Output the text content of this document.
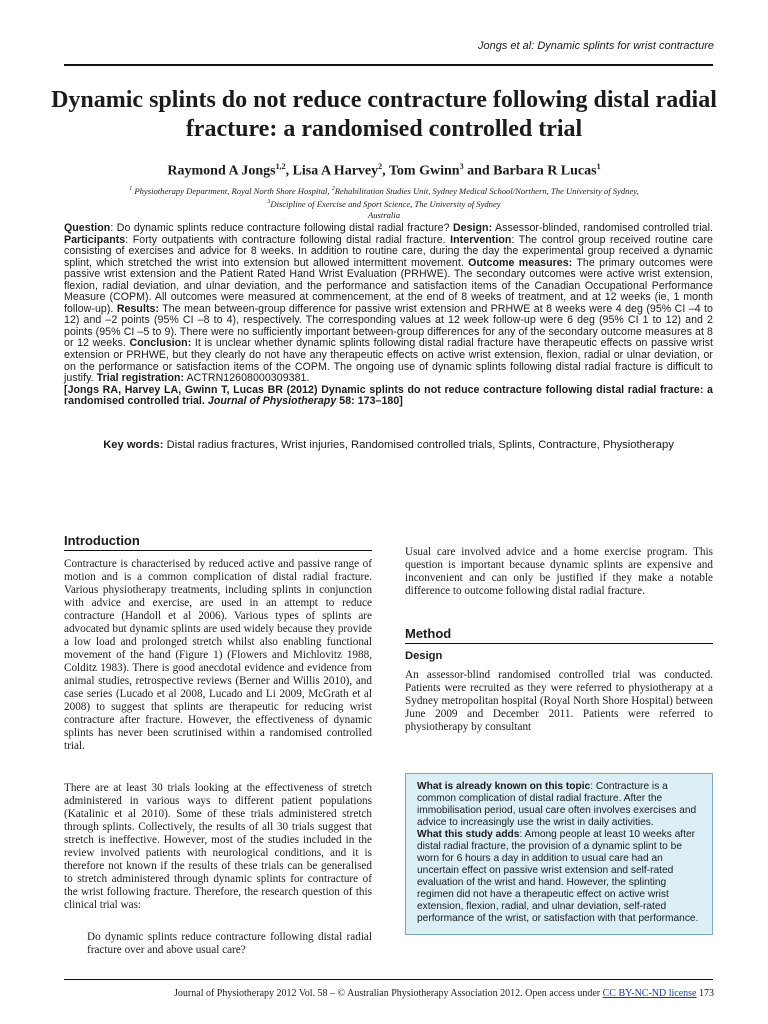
Jongs et al: Dynamic splints for wrist contracture
Dynamic splints do not reduce contracture following distal radial fracture: a randomised controlled trial
Raymond A Jongs$^{1,2}$, Lisa A Harvey$^2$, Tom Gwinn$^3$ and Barbara R Lucas$^1$
$^1$ Physiotherapy Department, Royal North Shore Hospital, $^2$Rehabilitation Studies Unit, Sydney Medical School/Northern, The University of Sydney,
$^3$Discipline of Exercise and Sport Science, The University of Sydney
Australia
Question: Do dynamic splints reduce contracture following distal radial fracture? Design: Assessor-blinded, randomised controlled trial. Participants: Forty outpatients with contracture following distal radial fracture. Intervention: The control group received routine care consisting of exercises and advice for 8 weeks. In addition to routine care, during the day the experimental group received a dynamic splint, which stretched the wrist into extension but allowed intermittent movement. Outcome measures: The primary outcomes were passive wrist extension and the Patient Rated Hand Wrist Evaluation (PRHWE). The secondary outcomes were active wrist extension, flexion, radial deviation, and ulnar deviation, and the performance and satisfaction items of the Canadian Occupational Performance Measure (COPM). All outcomes were measured at commencement, at the end of 8 weeks of treatment, and at 12 weeks (ie, 1 month follow-up). Results: The mean between-group difference for passive wrist extension and PRHWE at 8 weeks were 4 deg (95% CI –4 to 12) and –2 points (95% CI –8 to 4), respectively. The corresponding values at 12 week follow-up were 6 deg (95% CI 1 to 12) and 2 points (95% CI –5 to 9). There were no sufficiently important between-group differences for any of the secondary outcome measures at 8 or 12 weeks. Conclusion: It is unclear whether dynamic splints following distal radial fracture have therapeutic effects on passive wrist extension or PRHWE, but they clearly do not have any therapeutic effects on active wrist extension, flexion, radial or ulnar deviation, or on the performance or satisfaction items of the COPM. The ongoing use of dynamic splints following distal radial fracture is difficult to justify. Trial registration: ACTRN12608000309381.
[Jongs RA, Harvey LA, Gwinn T, Lucas BR (2012) Dynamic splints do not reduce contracture following distal radial fracture: a randomised controlled trial. Journal of Physiotherapy 58: 173–180]
Key words: Distal radius fractures, Wrist injuries, Randomised controlled trials, Splints, Contracture, Physiotherapy
Introduction
Contracture is characterised by reduced active and passive range of motion and is a common complication of distal radial fracture. Various physiotherapy treatments, including splints in conjunction with advice and exercise, are used in an attempt to reduce contracture (Handoll et al 2006). Various types of splints are advocated but dynamic splints are used widely because they provide a low load and prolonged stretch whilst also enabling functional movement of the hand (Figure 1) (Flowers and Michlovitz 1988, Colditz 1983). There is good anecdotal evidence and evidence from animal studies, retrospective reviews (Berner and Willis 2010), and case series (Lucado et al 2008, Lucado and Li 2009, McGrath et al 2008) to suggest that splints are therapeutic for reducing wrist contracture after fracture. However, the effectiveness of dynamic splints has never been scrutinised within a randomised controlled trial.
There are at least 30 trials looking at the effectiveness of stretch administered in various ways to different patient populations (Katalinic et al 2010). Some of these trials administered stretch through splints. Collectively, the results of all 30 trials suggest that stretch is ineffective. However, most of the studies included in the review involved patients with neurological conditions, and it is therefore not known if the results of these trials can be generalised to stretch administered through dynamic splints for contracture of the wrist following fracture. Therefore, the research question of this clinical trial was:
Do dynamic splints reduce contracture following distal radial fracture over and above usual care?
Usual care involved advice and a home exercise program. This question is important because dynamic splints are expensive and inconvenient and can only be justified if they make a notable difference to outcome following distal radial fracture.
Method
Design
An assessor-blind randomised controlled trial was conducted. Patients were recruited as they were referred to physiotherapy at a Sydney metropolitan hospital (Royal North Shore Hospital) between June 2009 and December 2011. Patients were referred to physiotherapy by consultant

What is already known on this topic: Contracture is a common complication of distal radial fracture. After the immobilisation period, usual care often involves exercises and advice to increasingly use the wrist in daily activities.

What this study adds: Among people at least 10 weeks after distal radial fracture, the provision of a dynamic splint to be worn for 6 hours a day in addition to usual care had an uncertain effect on passive wrist extension and self-rated evaluation of the wrist and hand. However, the splinting regimen did not have a therapeutic effect on active wrist extension, flexion, radial, and ulnar deviation, self-rated performance of the wrist, or satisfaction with that performance.

Journal of Physiotherapy 2012 Vol. 58 – © Australian Physiotherapy Association 2012. Open access under CC BY-NC-ND license 173
